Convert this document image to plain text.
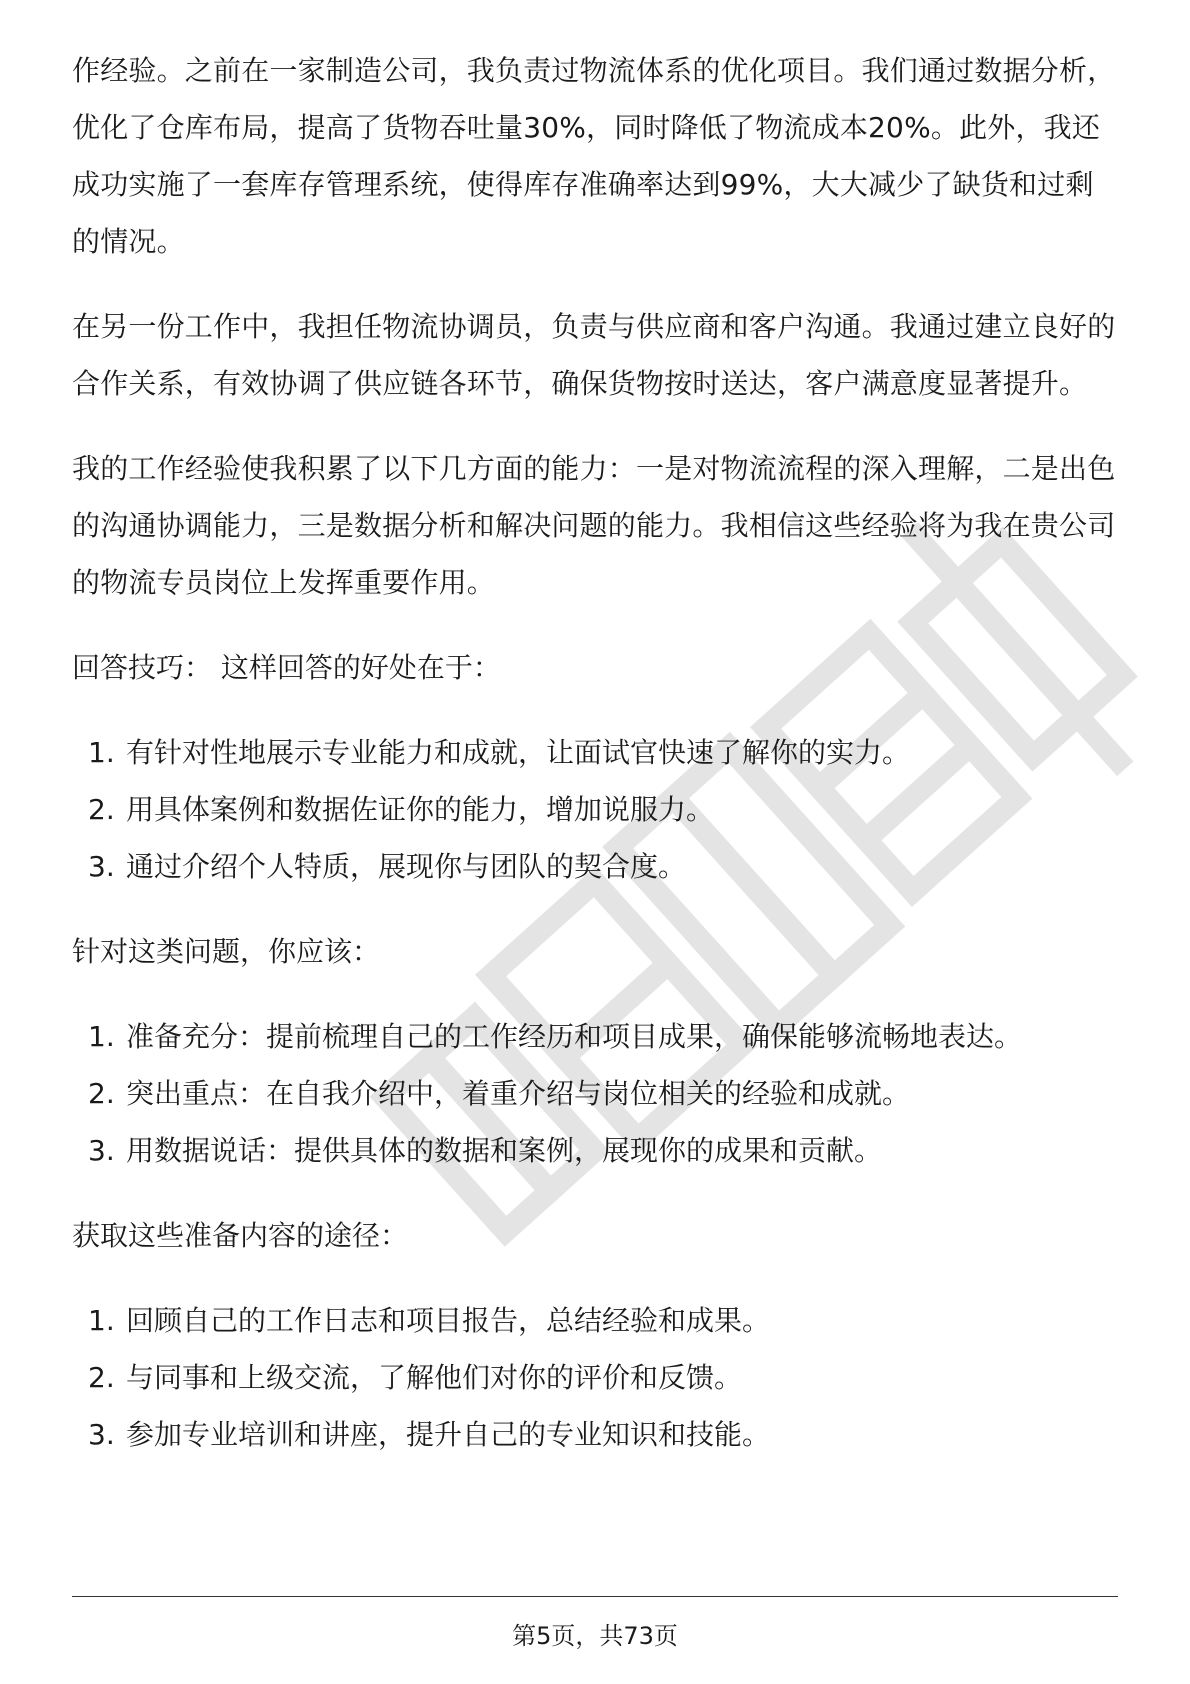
作经验。之前在一家制造公司，我负责过物流体系的优化项目。我们通过数据分析，优化了仓库布局，提高了货物吞吐量30%，同时降低了物流成本20%。此外，我还成功实施了一套库存管理系统，使得库存准确率达到99%，大大减少了缺货和过剩的情况。

在另一份工作中，我担任物流协调员，负责与供应商和客户沟通。我通过建立良好的合作关系，有效协调了供应链各环节，确保货物按时送达，客户满意度显著提升。

我的工作经验使我积累了以下几方面的能力：一是对物流流程的深入理解，二是出色的沟通协调能力，三是数据分析和解决问题的能力。我相信这些经验将为我在贵公司的物流专员岗位上发挥重要作用。

回答技巧： 这样回答的好处在于：

1. 有针对性地展示专业能力和成就，让面试官快速了解你的实力。
2. 用具体案例和数据佐证你的能力，增加说服力。
3. 通过介绍个人特质，展现你与团队的契合度。

针对这类问题，你应该：

1. 准备充分：提前梳理自己的工作经历和项目成果，确保能够流畅地表达。
2. 突出重点：在自我介绍中，着重介绍与岗位相关的经验和成就。
3. 用数据说话：提供具体的数据和案例，展现你的成果和贡献。

获取这些准备内容的途径：

1. 回顾自己的工作日志和项目报告，总结经验和成果。
2. 与同事和上级交流，了解他们对你的评价和反馈。
3. 参加专业培训和讲座，提升自己的专业知识和技能。
第5页，共73页
